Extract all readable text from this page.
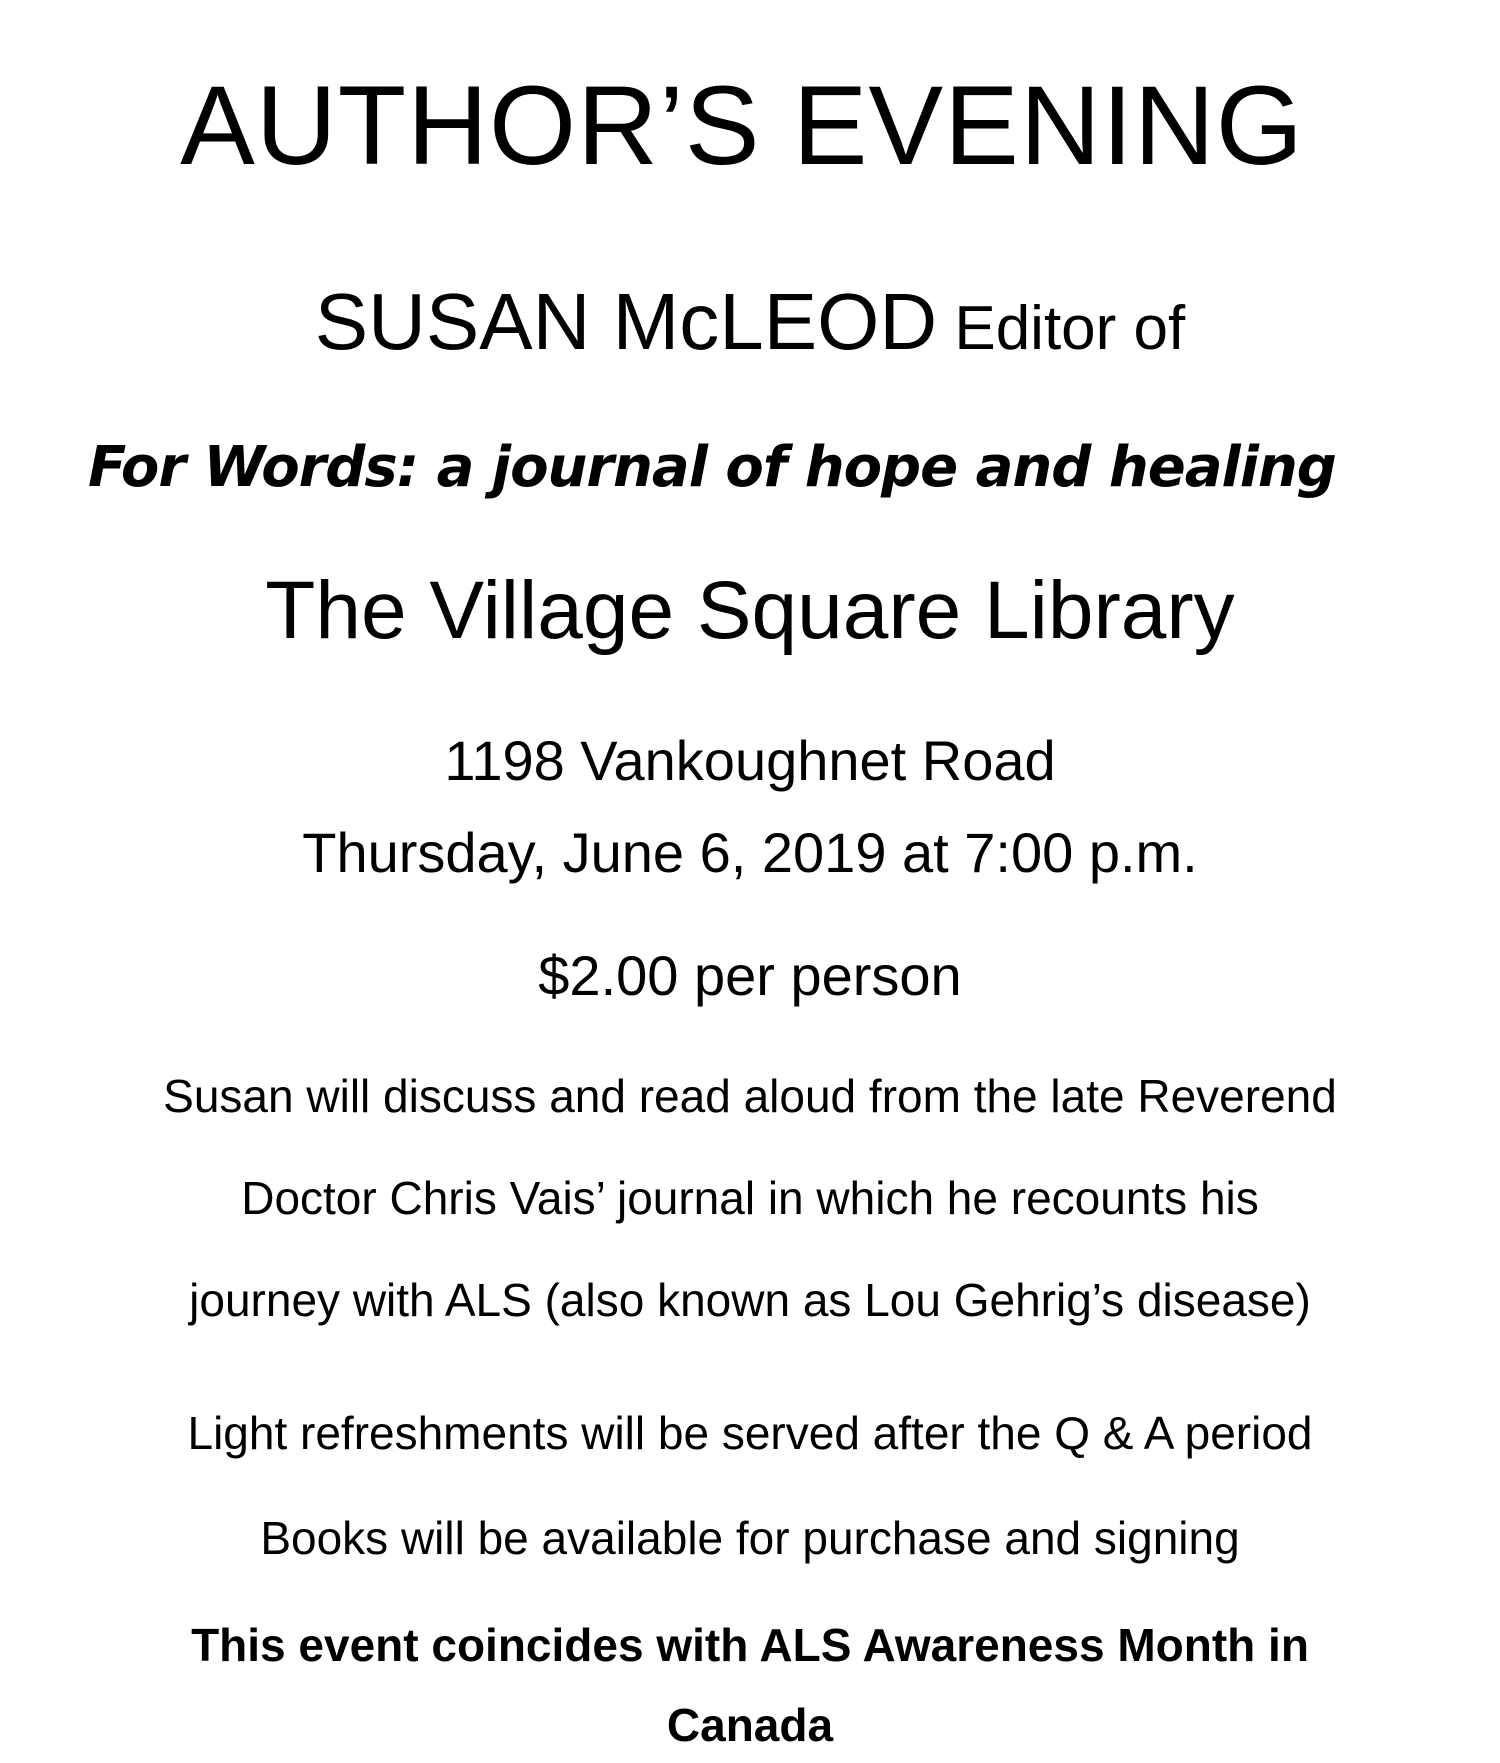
AUTHOR’S EVENING
SUSAN McLEOD Editor of
For Words: a journal of hope and healing
The Village Square Library
1198 Vankoughnet Road
Thursday, June 6, 2019 at 7:00 p.m.
$2.00 per person
Susan will discuss and read aloud from the late Reverend
Doctor Chris Vais’ journal in which he recounts his
journey with ALS (also known as Lou Gehrig’s disease)
Light refreshments will be served after the Q & A period
Books will be available for purchase and signing
This event coincides with ALS Awareness Month in
Canada
